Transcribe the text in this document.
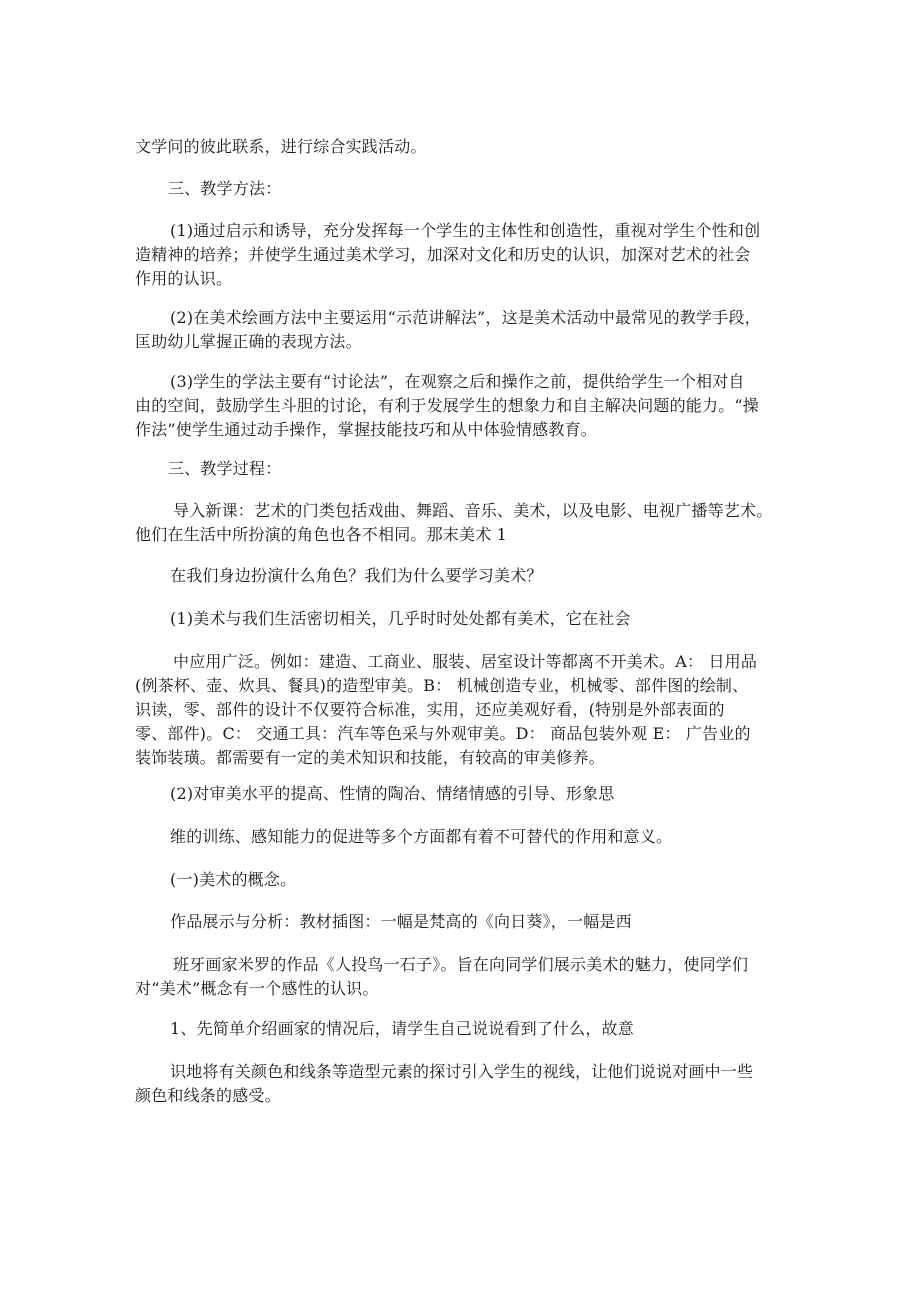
文学问的彼此联系，进行综合实践活动。
三、教学方法：
(1)通过启示和诱导，充分发挥每一个学生的主体性和创造性，重视对学生个性和创
造精神的培养；并使学生通过美术学习，加深对文化和历史的认识，加深对艺术的社会
作用的认识。
(2)在美术绘画方法中主要运用“示范讲解法”，这是美术活动中最常见的教学手段，
匡助幼儿掌握正确的表现方法。
(3)学生的学法主要有“讨论法”，在观察之后和操作之前，提供给学生一个相对自
由的空间，鼓励学生斗胆的讨论，有利于发展学生的想象力和自主解决问题的能力。“操
作法”使学生通过动手操作，掌握技能技巧和从中体验情感教育。
三、教学过程：
导入新课：艺术的门类包括戏曲、舞蹈、音乐、美术，以及电影、电视广播等艺术。
他们在生活中所扮演的角色也各不相同。那末美术 1
在我们身边扮演什么角色？我们为什么要学习美术？
(1)美术与我们生活密切相关，几乎时时处处都有美术，它在社会
中应用广泛。例如：建造、工商业、服装、居室设计等都离不开美术。A： 日用品
(例茶杯、壶、炊具、餐具)的造型审美。B： 机械创造专业，机械零、部件图的绘制、
识读，零、部件的设计不仅要符合标准，实用，还应美观好看，(特别是外部表面的
零、部件)。C： 交通工具：汽车等色采与外观审美。D： 商品包装外观 E： 广告业的
装饰装璜。都需要有一定的美术知识和技能，有较高的审美修养。
(2)对审美水平的提高、性情的陶冶、情绪情感的引导、形象思
维的训练、感知能力的促进等多个方面都有着不可替代的作用和意义。
(一)美术的概念。
作品展示与分析：教材插图：一幅是梵高的《向日葵》，一幅是西
班牙画家米罗的作品《人投鸟一石子》。旨在向同学们展示美术的魅力，使同学们
对“美术”概念有一个感性的认识。
1、先简单介绍画家的情况后，请学生自己说说看到了什么，故意
识地将有关颜色和线条等造型元素的探讨引入学生的视线，让他们说说对画中一些
颜色和线条的感受。
